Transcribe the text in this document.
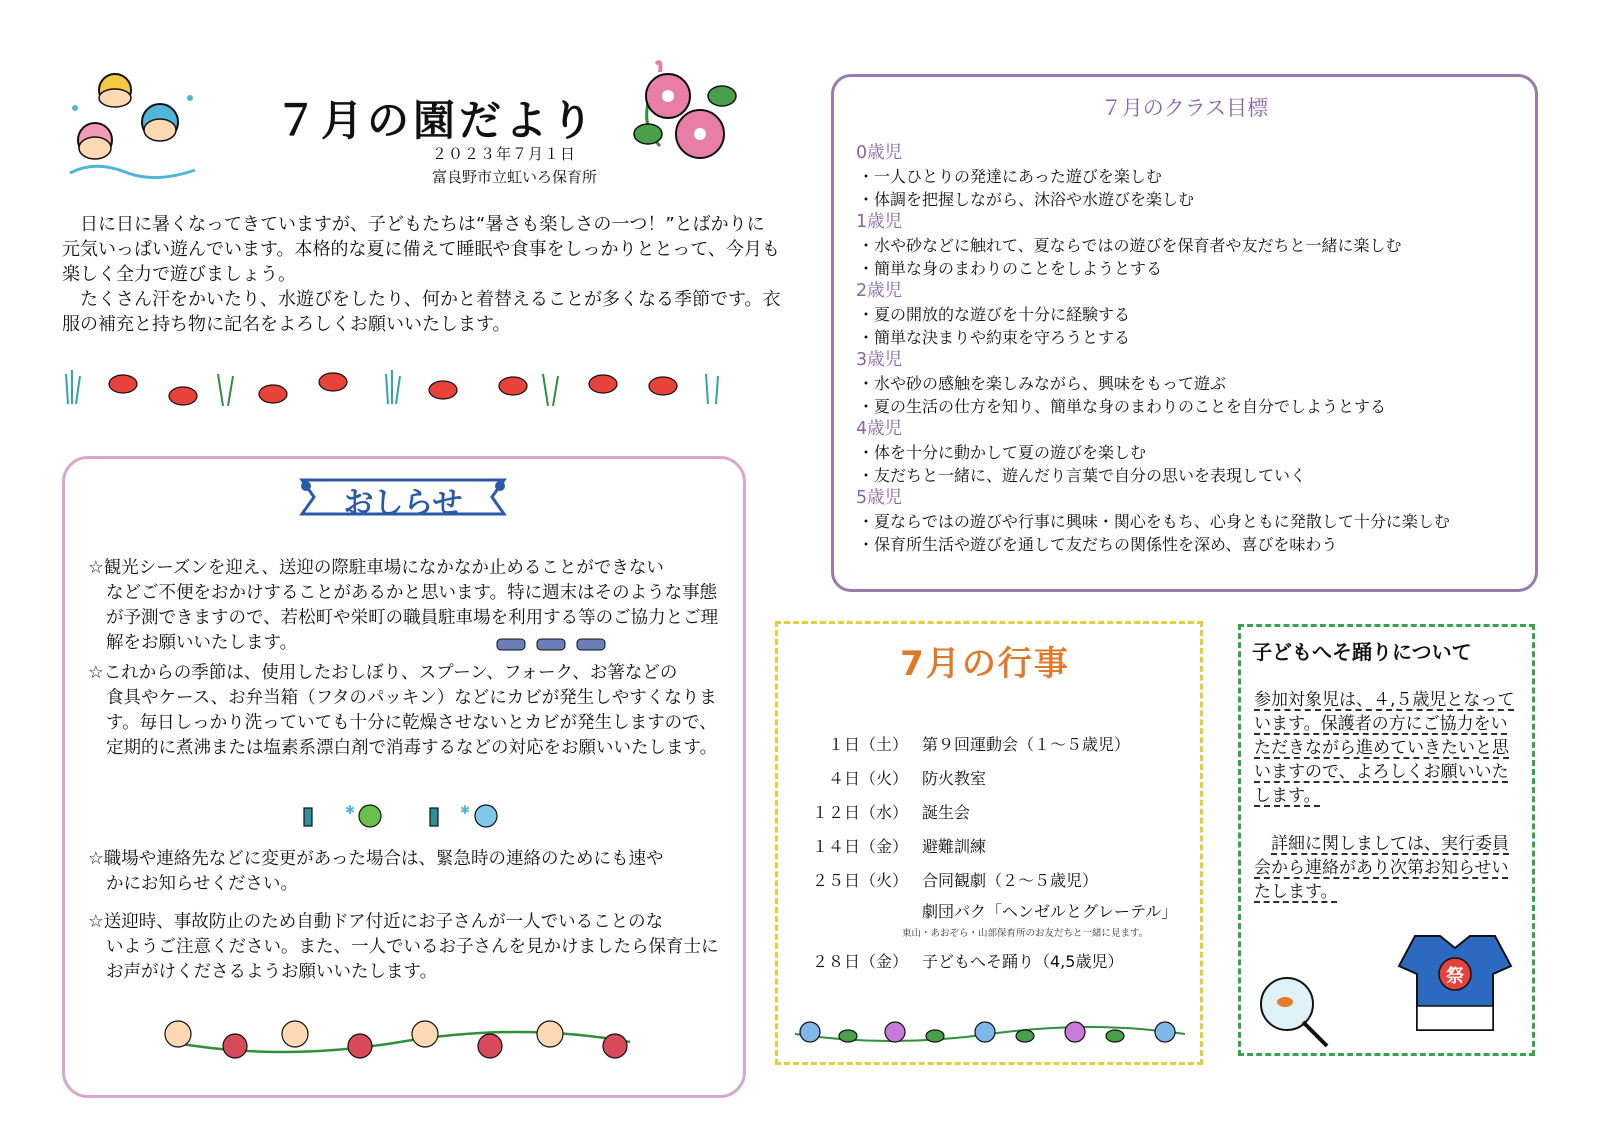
７月の園だより
２０２３年７月１日
富良野市立虹いろ保育所

日に日に暑くなってきていますが、子どもたちは“暑さも楽しさの一つ！”とばかりに元気いっぱい遊んでいます。本格的な夏に備えて睡眠や食事をしっかりととって、今月も楽しく全力で遊びましょう。

たくさん汗をかいたり、水遊びをしたり、何かと着替えることが多くなる季節です。衣服の補充と持ち物に記名をよろしくお願いいたします。

おしらせ
☆観光シーズンを迎え、送迎の際駐車場になかなか止めることができない
などご不便をおかけすることがあるかと思います。特に週末はそのような事態が予測できますので、若松町や栄町の職員駐車場を利用する等のご協力とご理解をお願いいたします。
☆これからの季節は、使用したおしぼり、スプーン、フォーク、お箸などの
食具やケース、お弁当箱（フタのパッキン）などにカビが発生しやすくなります。毎日しっかり洗っていても十分に乾燥させないとカビが発生しますので、定期的に煮沸または塩素系漂白剤で消毒するなどの対応をお願いいたします。
✱	✱
☆職場や連絡先などに変更があった場合は、緊急時の連絡のためにも速や
かにお知らせください。
☆送迎時、事故防止のため自動ドア付近にお子さんが一人でいることのな
いようご注意ください。また、一人でいるお子さんを見かけましたら保育士にお声がけくださるようお願いいたします。
７月のクラス目標
0歳児
・一人ひとりの発達にあった遊びを楽しむ
・体調を把握しながら、沐浴や水遊びを楽しむ
1歳児
・水や砂などに触れて、夏ならではの遊びを保育者や友だちと一緒に楽しむ
・簡単な身のまわりのことをしようとする
2歳児
・夏の開放的な遊びを十分に経験する
・簡単な決まりや約束を守ろうとする
3歳児
・水や砂の感触を楽しみながら、興味をもって遊ぶ
・夏の生活の仕方を知り、簡単な身のまわりのことを自分でしようとする
4歳児
・体を十分に動かして夏の遊びを楽しむ
・友だちと一緒に、遊んだり言葉で自分の思いを表現していく
5歳児
・夏ならではの遊びや行事に興味・関心をもち、心身ともに発散して十分に楽しむ
・保育所生活や遊びを通して友だちの関係性を深め、喜びを味わう
7月の行事
１日（土）	第９回運動会（１～５歳児）

４日（火）	防火教室

１２日（水）	誕生会

１４日（金）	避難訓練

２５日（火）	合同観劇（２～５歳児）
劇団パク「ヘンゼルとグレーテル」
東山・あおぞら・山部保育所のお友だちと一緒に見ます。

２８日（金）	子どもへそ踊り（4,5歳児）
子どもへそ踊りについて

参加対象児は、４,５歳児となっています。保護者の方にご協力をいただきながら進めていきたいと思いますので、よろしくお願いいたします。

詳細に関しましては、実行委員会から連絡があり次第お知らせいたします。

祭
